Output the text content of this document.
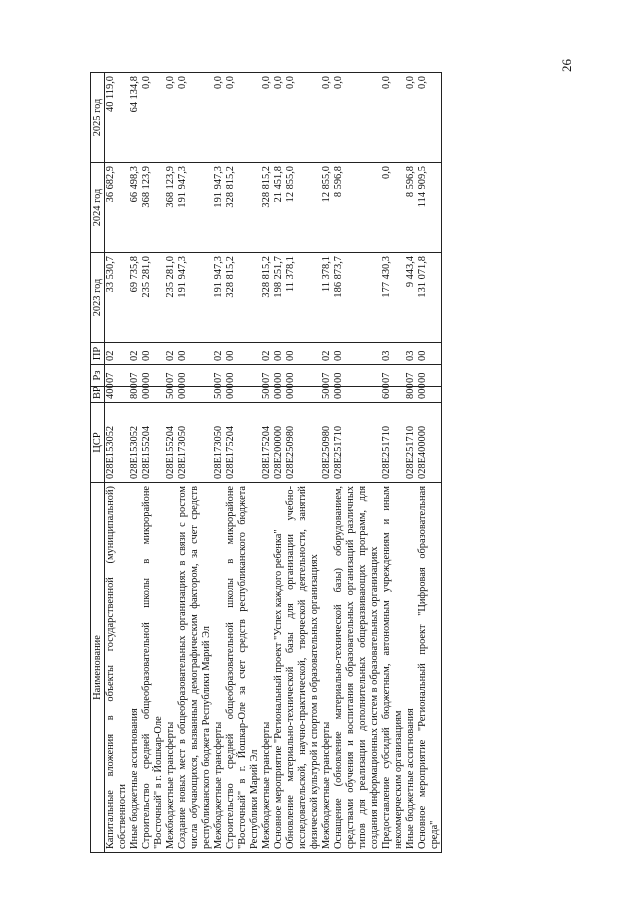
26
Наименование	ЦСР	ВР	Рз	ПР	2023 год	2024 год	2025 год
Капитальные вложения в объекты государственной (муниципальной) собственности	028E153052	400	07	02	33 530,7	36 682,9	40 119,0
Иные бюджетные ассигнования	028E153052	800	07	02	69 735,8	66 498,3	64 134,8
Строительство средней общеобразовательной школы в микрорайоне "Восточный" в г. Йошкар-Оле	028E155204	000	00	00	235 281,0	368 123,9	0,0
Межбюджетные трансферты	028E155204	500	07	02	235 281,0	368 123,9	0,0
Создание новых мест в общеобразовательных организациях в связи с ростом числа обучающихся, вызванным демографическим фактором, за счет средств республиканского бюджета Республики Марий Эл	028E173050	000	00	00	191 947,3	191 947,3	0,0
Межбюджетные трансферты	028E173050	500	07	02	191 947,3	191 947,3	0,0
Строительство средней общеобразовательной школы в микрорайоне "Восточный" в г. Йошкар-Оле за счет средств республиканского бюджета Республики Марий Эл	028E175204	000	00	00	328 815,2	328 815,2	0,0
Межбюджетные трансферты	028E175204	500	07	02	328 815,2	328 815,2	0,0
Основное мероприятие "Региональный проект "Успех каждого ребенка"	028E200000	000	00	00	198 251,7	21 451,8	0,0
Обновление материально-технической базы для организации учебно-исследовательской, научно-практической, творческой деятельности, занятий физической культурой и спортом в образовательных организациях	028E250980	000	00	00	11 378,1	12 855,0	0,0
Межбюджетные трансферты	028E250980	500	07	02	11 378,1	12 855,0	0,0
Оснащение (обновление материально-технической базы) оборудованием, средствами обучения и воспитания образовательных организаций различных типов для реализации дополнительных общеразвивающих программ, для создания информационных систем в образовательных организациях	028E251710	000	00	00	186 873,7	8 596,8	0,0
Предоставление субсидий бюджетным, автономным учреждениям и иным некоммерческим организациям	028E251710	600	07	03	177 430,3	0,0	0,0
Иные бюджетные ассигнования	028E251710	800	07	03	9 443,4	8 596,8	0,0
Основное мероприятие "Региональный проект "Цифровая образовательная среда"	028E400000	000	00	00	131 071,8	114 909,5	0,0
